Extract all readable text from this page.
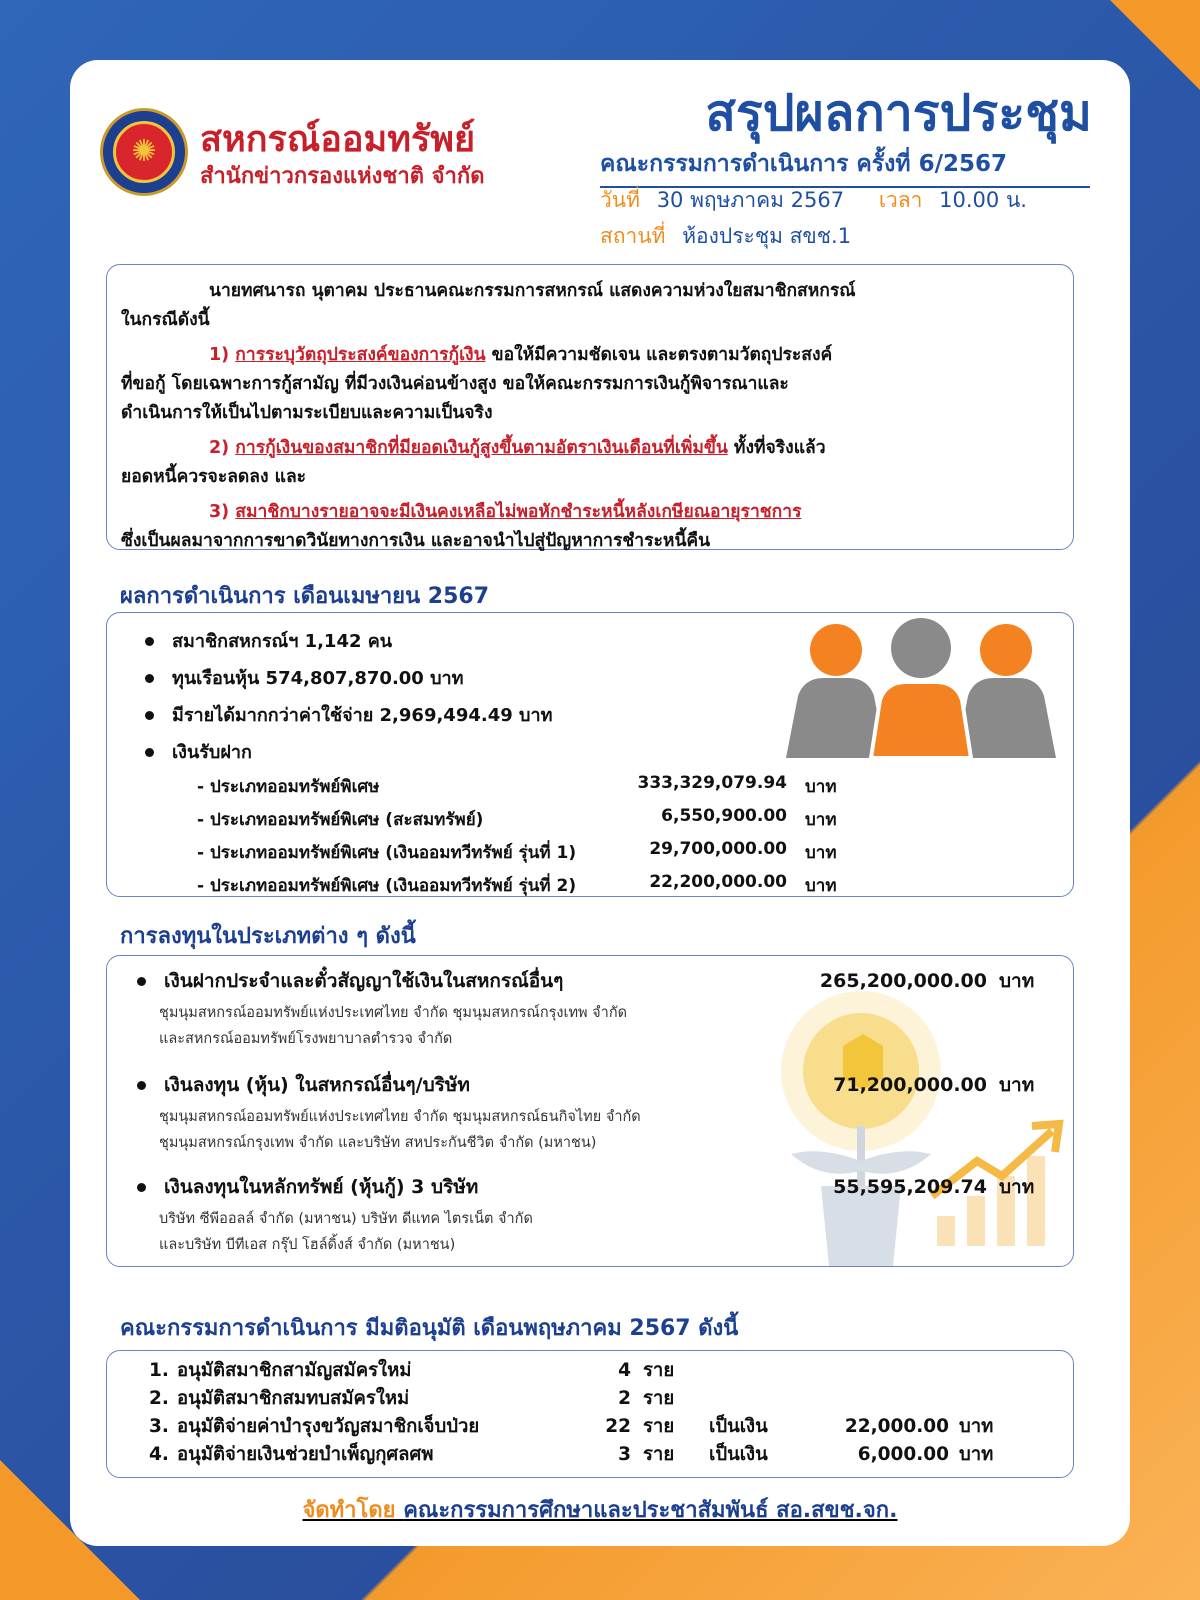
✺ สหกรณ์ออมทรัพย์
สำนักข่าวกรองแห่งชาติ จำกัด
สรุปผลการประชุม
คณะกรรมการดำเนินการ ครั้งที่ 6/2567
วันที่ 30 พฤษภาคม 2567 เวลา 10.00 น.
สถานที่ ห้องประชุม สขช.1

นายทศนารถ นุตาคม ประธานคณะกรรมการสหกรณ์ แสดงความห่วงใยสมาชิกสหกรณ์

ในกรณีดังนี้

1) การระบุวัตถุประสงค์ของการกู้เงิน ขอให้มีความชัดเจน และตรงตามวัตถุประสงค์

ที่ขอกู้ โดยเฉพาะการกู้สามัญ ที่มีวงเงินค่อนข้างสูง ขอให้คณะกรรมการเงินกู้พิจารณาและ

ดำเนินการให้เป็นไปตามระเบียบและความเป็นจริง

2) การกู้เงินของสมาชิกที่มียอดเงินกู้สูงขึ้นตามอัตราเงินเดือนที่เพิ่มขึ้น ทั้งที่จริงแล้ว

ยอดหนี้ควรจะลดลง และ

3) สมาชิกบางรายอาจจะมีเงินคงเหลือไม่พอหักชำระหนี้หลังเกษียณอายุราชการ

ซึ่งเป็นผลมาจากการขาดวินัยทางการเงิน และอาจนำไปสู่ปัญหาการชำระหนี้คืน

ผลการดำเนินการ เดือนเมษายน 2567
สมาชิกสหกรณ์ฯ 1,142 คน
ทุนเรือนหุ้น 574,807,870.00 บาท
มีรายได้มากกว่าค่าใช้จ่าย 2,969,494.49 บาท
เงินรับฝาก
- ประเภทออมทรัพย์พิเศษ	333,329,079.94 บาท
- ประเภทออมทรัพย์พิเศษ (สะสมทรัพย์)	6,550,900.00 บาท
- ประเภทออมทรัพย์พิเศษ (เงินออมทวีทรัพย์ รุ่นที่ 1)	29,700,000.00 บาท
- ประเภทออมทรัพย์พิเศษ (เงินออมทวีทรัพย์ รุ่นที่ 2)	22,200,000.00 บาท
การลงทุนในประเภทต่าง ๆ ดังนี้
เงินฝากประจำและตั๋วสัญญาใช้เงินในสหกรณ์อื่นๆ	265,200,000.00 บาท
ชุมนุมสหกรณ์ออมทรัพย์แห่งประเทศไทย จำกัด ชุมนุมสหกรณ์กรุงเทพ จำกัด
และสหกรณ์ออมทรัพย์โรงพยาบาลตำรวจ จำกัด
เงินลงทุน (หุ้น) ในสหกรณ์อื่นๆ/บริษัท	71,200,000.00 บาท
ชุมนุมสหกรณ์ออมทรัพย์แห่งประเทศไทย จำกัด ชุมนุมสหกรณ์ธนกิจไทย จำกัด
ชุมนุมสหกรณ์กรุงเทพ จำกัด และบริษัท สหประกันชีวิต จำกัด (มหาชน)
เงินลงทุนในหลักทรัพย์ (หุ้นกู้) 3 บริษัท	55,595,209.74 บาท
บริษัท ซีพีออลล์ จำกัด (มหาชน) บริษัท ดีแทค ไตรเน็ต จำกัด
และบริษัท บีทีเอส กรุ๊ป โฮล์ดิ้งส์ จำกัด (มหาชน)
คณะกรรมการดำเนินการ มีมติอนุมัติ เดือนพฤษภาคม 2567 ดังนี้
1. อนุมัติสมาชิกสามัญสมัครใหม่	4 ราย
2. อนุมัติสมาชิกสมทบสมัครใหม่	2 ราย
3. อนุมัติจ่ายค่าบำรุงขวัญสมาชิกเจ็บป่วย	22 ราย เป็นเงิน	22,000.00 บาท
4. อนุมัติจ่ายเงินช่วยบำเพ็ญกุศลศพ	3 ราย เป็นเงิน	6,000.00 บาท
จัดทำโดย คณะกรรมการศึกษาและประชาสัมพันธ์ สอ.สขช.จก.
